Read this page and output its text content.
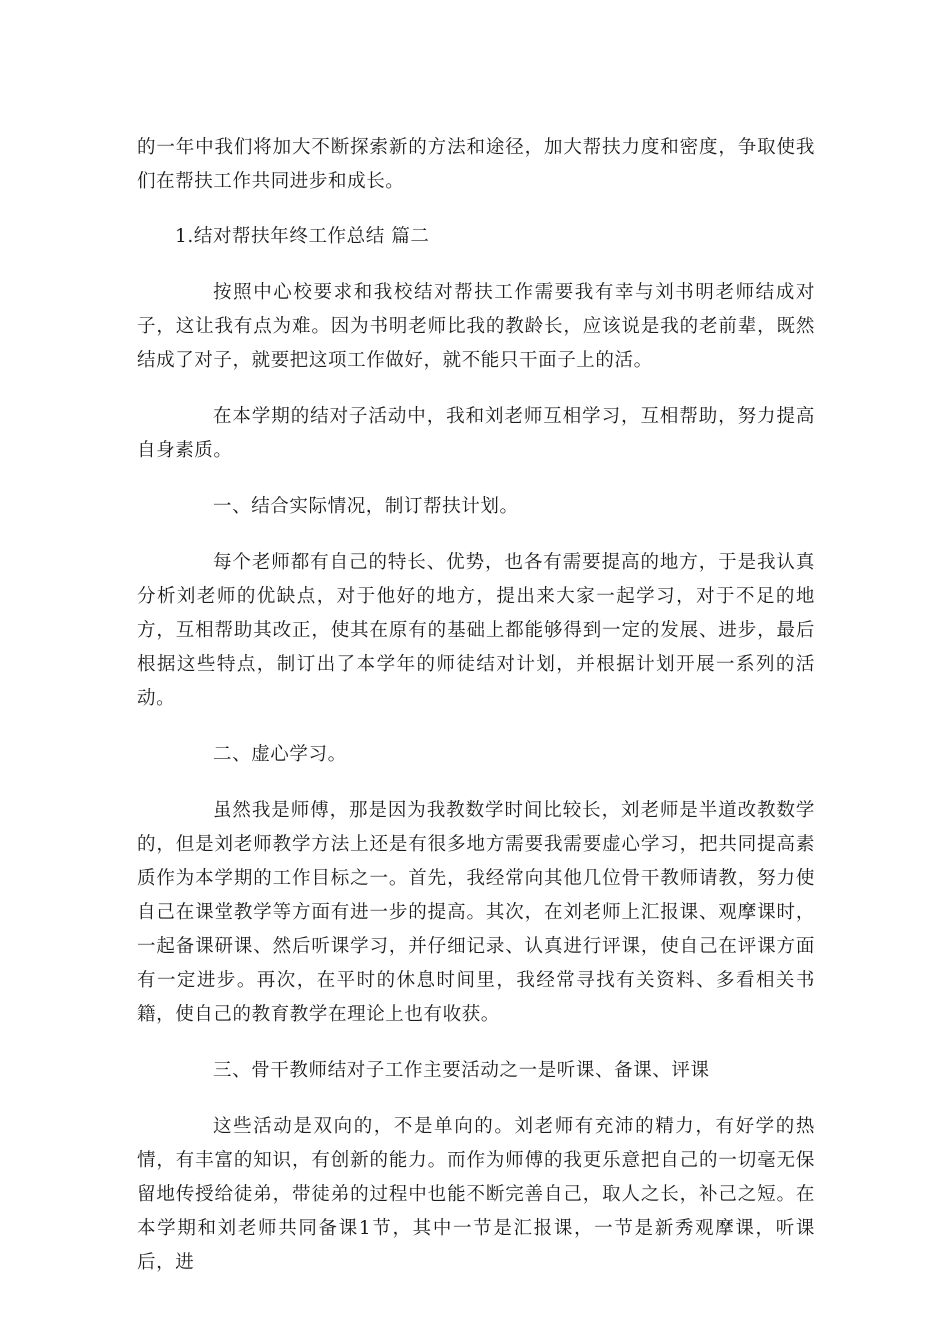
的一年中我们将加大不断探索新的方法和途径，加大帮扶力度和密度，争取使我们在帮扶工作共同进步和成长。

1.结对帮扶年终工作总结 篇二

按照中心校要求和我校结对帮扶工作需要我有幸与刘书明老师结成对子，这让我有点为难。因为书明老师比我的教龄长，应该说是我的老前辈，既然结成了对子，就要把这项工作做好，就不能只干面子上的活。

在本学期的结对子活动中，我和刘老师互相学习，互相帮助，努力提高自身素质。

一、结合实际情况，制订帮扶计划。

每个老师都有自己的特长、优势，也各有需要提高的地方，于是我认真分析刘老师的优缺点，对于他好的地方，提出来大家一起学习，对于不足的地方，互相帮助其改正，使其在原有的基础上都能够得到一定的发展、进步，最后根据这些特点，制订出了本学年的师徒结对计划，并根据计划开展一系列的活动。

二、虚心学习。

虽然我是师傅，那是因为我教数学时间比较长，刘老师是半道改教数学的，但是刘老师教学方法上还是有很多地方需要我需要虚心学习，把共同提高素质作为本学期的工作目标之一。首先，我经常向其他几位骨干教师请教，努力使自己在课堂教学等方面有进一步的提高。其次，在刘老师上汇报课、观摩课时，一起备课研课、然后听课学习，并仔细记录、认真进行评课，使自己在评课方面有一定进步。再次，在平时的休息时间里，我经常寻找有关资料、多看相关书籍，使自己的教育教学在理论上也有收获。

三、骨干教师结对子工作主要活动之一是听课、备课、评课

这些活动是双向的，不是单向的。刘老师有充沛的精力，有好学的热情，有丰富的知识，有创新的能力。而作为师傅的我更乐意把自己的一切毫无保留地传授给徒弟，带徒弟的过程中也能不断完善自己，取人之长，补己之短。在本学期和刘老师共同备课1节，其中一节是汇报课，一节是新秀观摩课，听课后，进
